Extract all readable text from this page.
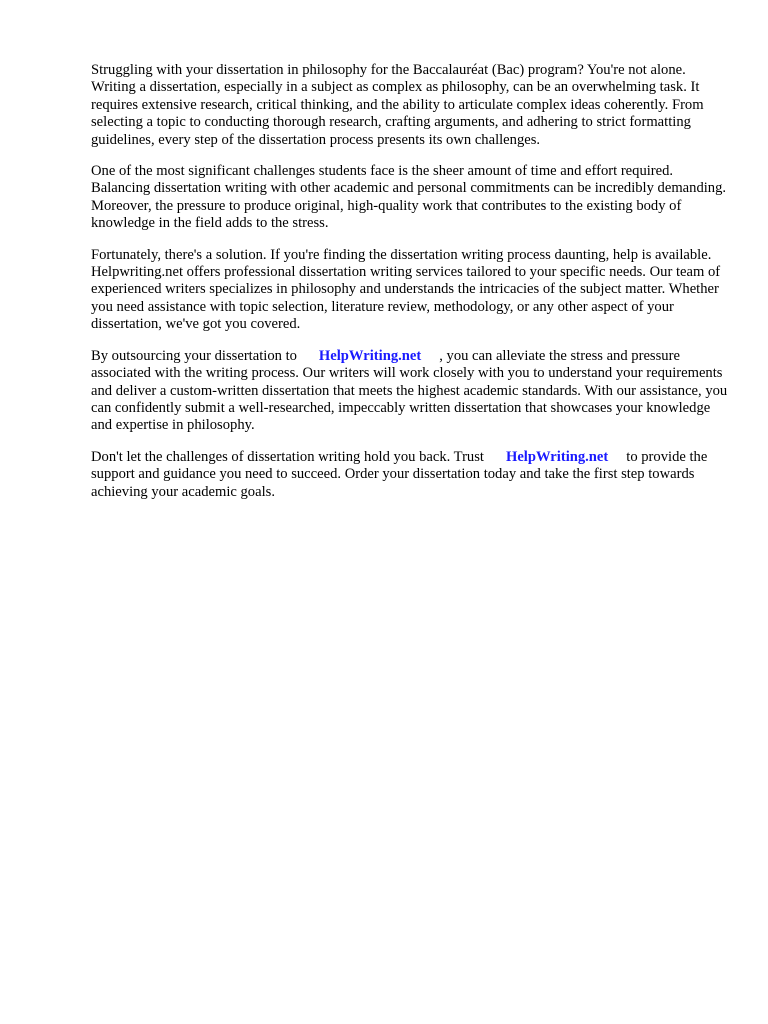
Struggling with your dissertation in philosophy for the Baccalauréat (Bac) program? You're not alone. Writing a dissertation, especially in a subject as complex as philosophy, can be an overwhelming task. It requires extensive research, critical thinking, and the ability to articulate complex ideas coherently. From selecting a topic to conducting thorough research, crafting arguments, and adhering to strict formatting guidelines, every step of the dissertation process presents its own challenges.

One of the most significant challenges students face is the sheer amount of time and effort required. Balancing dissertation writing with other academic and personal commitments can be incredibly demanding. Moreover, the pressure to produce original, high-quality work that contributes to the existing body of knowledge in the field adds to the stress.

Fortunately, there's a solution. If you're finding the dissertation writing process daunting, help is available. Helpwriting.net offers professional dissertation writing services tailored to your specific needs. Our team of experienced writers specializes in philosophy and understands the intricacies of the subject matter. Whether you need assistance with topic selection, literature review, methodology, or any other aspect of your dissertation, we've got you covered.

By outsourcing your dissertation to HelpWriting.net , you can alleviate the stress and pressure associated with the writing process. Our writers will work closely with you to understand your requirements and deliver a custom-written dissertation that meets the highest academic standards. With our assistance, you can confidently submit a well-researched, impeccably written dissertation that showcases your knowledge and expertise in philosophy.

Don't let the challenges of dissertation writing hold you back. Trust HelpWriting.net to provide the support and guidance you need to succeed. Order your dissertation today and take the first step towards achieving your academic goals.
